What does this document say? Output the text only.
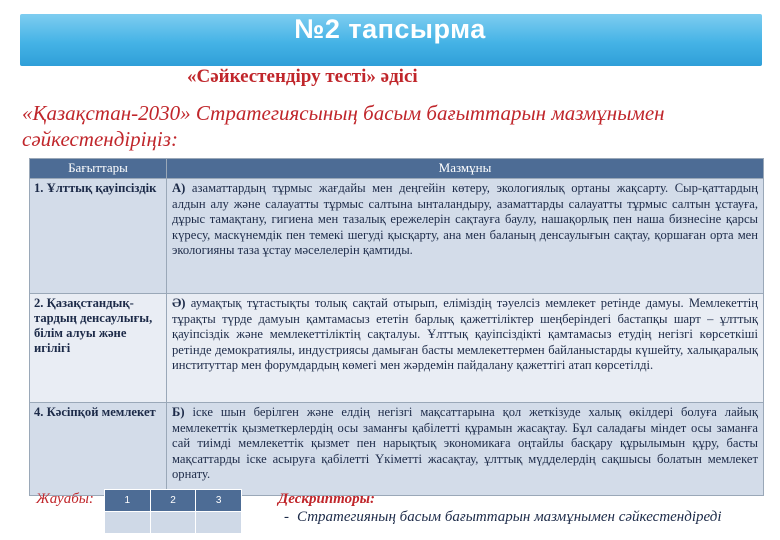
№2 тапсырма
«Сәйкестендіру тесті» әдісі
«Қазақстан-2030» Стратегиясының басым бағыттарын мазмұнымен сәйкестендіріңіз:
Бағыттары	Мазмұны
1. Ұлттық қауіпсіздік	А) азаматтардың тұрмыс жағдайы мен деңгейін көтеру, экологиялық ортаны жақсарту. Сыр-қаттардың алдын алу және салауатты тұрмыс салтына ынталандыру, азаматтарды салауатты тұрмыс салтын ұстауға, дұрыс тамақтану, гигиена мен тазалық ережелерін сақтауға баулу, нашақорлық пен наша бизнесіне қарсы күресу, маскүнемдік пен темекі шегуді қысқарту, ана мен баланың денсаулығын сақтау, қоршаған орта мен экологияны таза ұстау мәселелерін қамтиды.
2. Қазақстандық-тардың денсаулығы, білім алуы және игілігі	Ә) аумақтық тұтастықты толық сақтай отырып, еліміздің тәуелсіз мемлекет ретінде дамуы. Мемлекеттің тұрақты түрде дамуын қамтамасыз ететін барлық қажеттіліктер шеңберіндегі бастапқы шарт – ұлттық қауіпсіздік және мемлекеттіліктің сақталуы. Ұлттық қауіпсіздікті қамтамасыз етудің негізгі көрсеткіші ретінде демократиялы, индустриясы дамыған басты мемлекеттермен байланыстарды күшейту, халықаралық институттар мен форумдардың көмегі мен жәрдемін пайдалану қажеттігі атап көрсетілді.
4. Кәсіпқой мемлекет	Б) іске шын берілген және елдің негізгі мақсаттарына қол жеткізуде халық өкілдері болуға лайық мемлекеттік қызметкерлердің осы заманғы қабілетті құрамын жасақтау. Бұл саладағы міндет осы заманға сай тиімді мемлекеттік қызмет пен нарықтық экономикаға оңтайлы басқару құрылымын құру, басты мақсаттарды іске асыруға қабілетті Үкіметті жасақтау, ұлттық мүдделердің сақшысы болатын мемлекет орнату.
Жауабы:	1	2	3
			Дескрипторы:
- Стратегияның басым бағыттарын мазмұнымен сәйкестендіреді
